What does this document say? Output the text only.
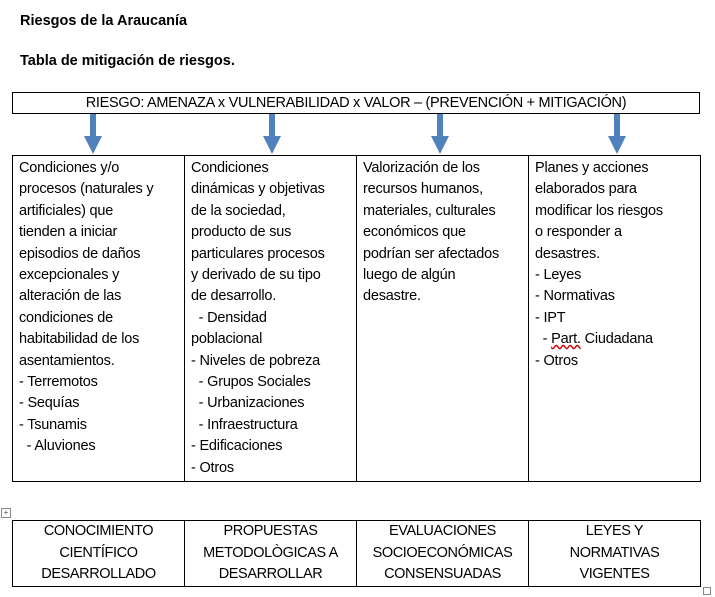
Riesgos de la Araucanía
Tabla de mitigación de riesgos.
RIESGO: AMENAZA x VULNERABILIDAD x VALOR – (PREVENCIÓN + MITIGACIÓN)
Condiciones y/o
procesos (naturales y
artificiales) que
tienden a iniciar
episodios de daños
excepcionales y
alteración de las
condiciones de
habitabilidad de los
asentamientos.
- Terremotos
- Sequías
- Tsunamis
- Aluviones

Condiciones
dinámicas y objetivas
de la sociedad,
producto de sus
particulares procesos
y derivado de su tipo
de desarrollo.
- Densidad
poblacional
- Niveles de pobreza
- Grupos Sociales
- Urbanizaciones
- Infraestructura
- Edificaciones
- Otros

Valorización de los
recursos humanos,
materiales, culturales
económicos que
podrían ser afectados
luego de algún
desastre.

Planes y acciones
elaborados para
modificar los riesgos
o responder a
desastres.
- Leyes
- Normativas
- IPT
- Part. Ciudadana
- Otros
+
CONOCIMIENTO
CIENTÍFICO
DESARROLLADO

PROPUESTAS
METODOLÒGICAS A
DESARROLLAR

EVALUACIONES
SOCIOECONÓMICAS
CONSENSUADAS

LEYES Y
NORMATIVAS
VIGENTES
